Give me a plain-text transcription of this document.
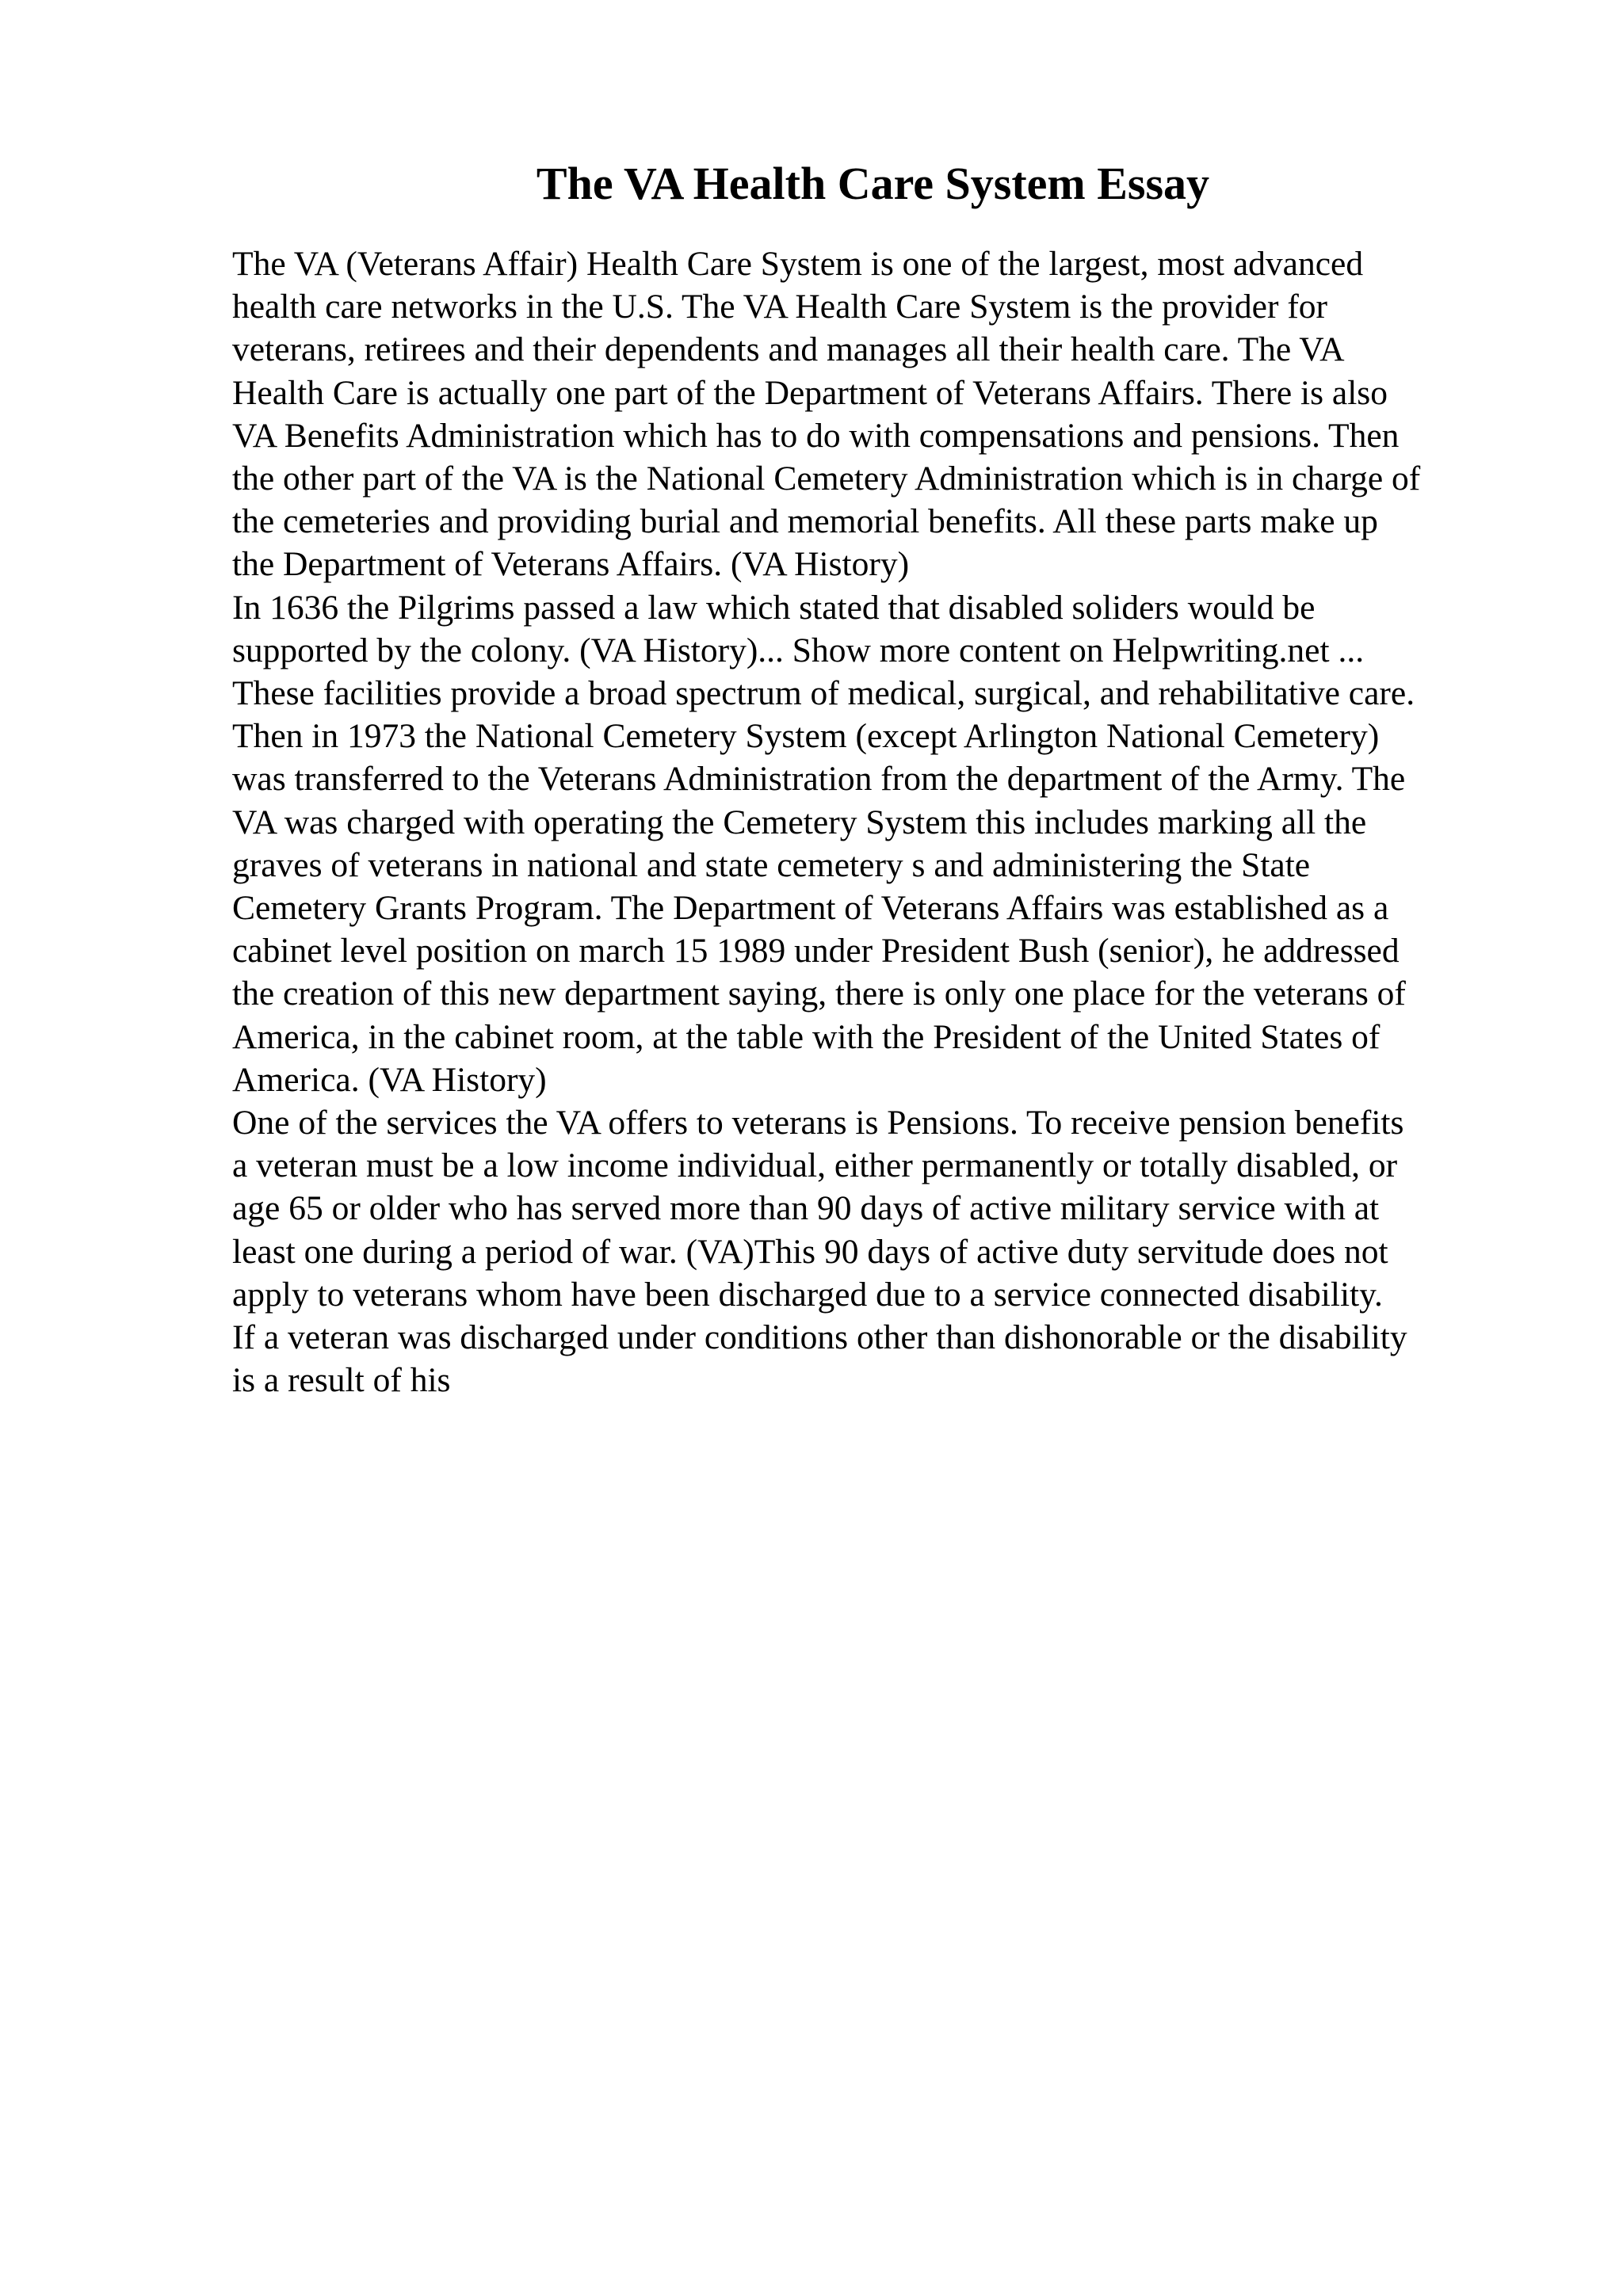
The VA Health Care System Essay
The VA (Veterans Affair) Health Care System is one of the largest, most advanced
health care networks in the U.S. The VA Health Care System is the provider for
veterans, retirees and their dependents and manages all their health care. The VA
Health Care is actually one part of the Department of Veterans Affairs. There is also
VA Benefits Administration which has to do with compensations and pensions. Then
the other part of the VA is the National Cemetery Administration which is in charge of
the cemeteries and providing burial and memorial benefits. All these parts make up
the Department of Veterans Affairs. (VA History)
In 1636 the Pilgrims passed a law which stated that disabled soliders would be
supported by the colony. (VA History)... Show more content on Helpwriting.net ...
These facilities provide a broad spectrum of medical, surgical, and rehabilitative care.
Then in 1973 the National Cemetery System (except Arlington National Cemetery)
was transferred to the Veterans Administration from the department of the Army. The
VA was charged with operating the Cemetery System this includes marking all the
graves of veterans in national and state cemetery s and administering the State
Cemetery Grants Program. The Department of Veterans Affairs was established as a
cabinet level position on march 15 1989 under President Bush (senior), he addressed
the creation of this new department saying, there is only one place for the veterans of
America, in the cabinet room, at the table with the President of the United States of
America. (VA History)
One of the services the VA offers to veterans is Pensions. To receive pension benefits
a veteran must be a low income individual, either permanently or totally disabled, or
age 65 or older who has served more than 90 days of active military service with at
least one during a period of war. (VA)This 90 days of active duty servitude does not
apply to veterans whom have been discharged due to a service connected disability.
If a veteran was discharged under conditions other than dishonorable or the disability
is a result of his
